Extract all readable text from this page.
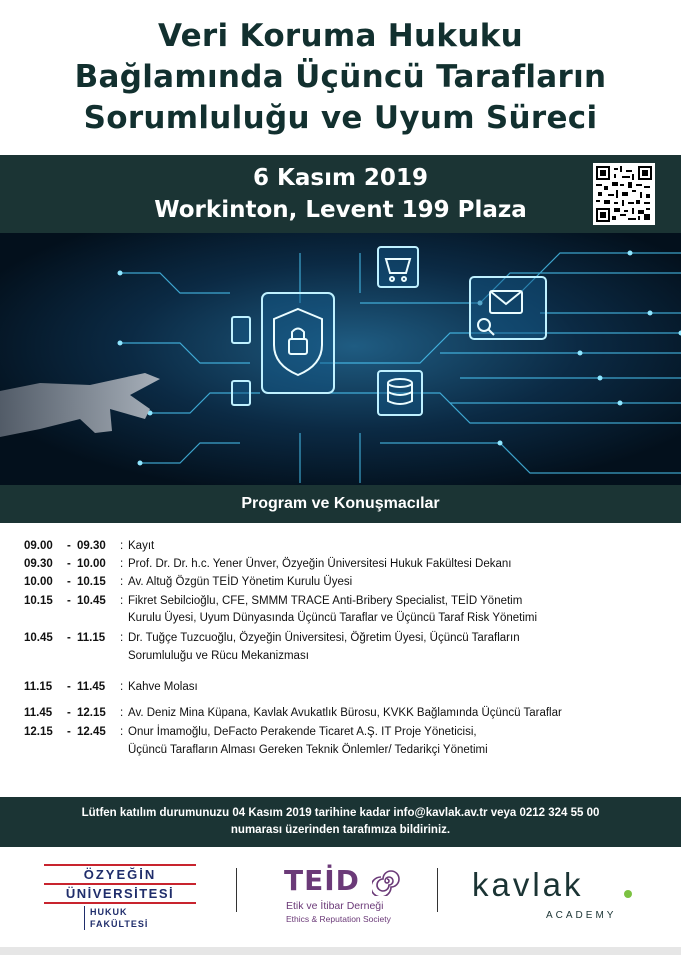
Veri Koruma Hukuku
Bağlamında Üçüncü Tarafların
Sorumluluğu ve Uyum Süreci
6 Kasım 2019
Workinton, Levent 199 Plaza
Program ve Konuşmacılar
09.00	- 09.30	: Kayıt
09.30	- 10.00	: Prof. Dr. Dr. h.c. Yener Ünver, Özyeğin Üniversitesi Hukuk Fakültesi Dekanı
10.00	- 10.15	: Av. Altuğ Özgün TEİD Yönetim Kurulu Üyesi
10.15	- 10.45	: Fikret Sebilcioğlu, CFE, SMMM TRACE Anti-Bribery Specialist, TEİD Yönetim
Kurulu Üyesi, Uyum Dünyasında Üçüncü Taraflar ve Üçüncü Taraf Risk Yönetimi
10.45	- 11.15	: Dr. Tuğçe Tuzcuoğlu, Özyeğin Üniversitesi, Öğretim Üyesi, Üçüncü Tarafların
Sorumluluğu ve Rücu Mekanizması
11.15	- 11.45	: Kahve Molası
11.45	- 12.15	: Av. Deniz Mina Küpana, Kavlak Avukatlık Bürosu, KVKK Bağlamında Üçüncü Taraflar
12.15	- 12.45	: Onur İmamoğlu, DeFacto Perakende Ticaret A.Ş. IT Proje Yöneticisi,
Üçüncü Tarafların Alması Gereken Teknik Önlemler/ Tedarikçi Yönetimi
Lütfen katılım durumunuzu 04 Kasım 2019 tarihine kadar info@kavlak.av.tr veya 0212 324 55 00
numarası üzerinden tarafımıza bildiriniz.
ÖZYEĞİN
ÜNİVERSİTESİ
HUKUK
FAKÜLTESİ
TEİD
Etik ve İtibar Derneği
Ethics & Reputation Society
kavlak
ACADEMY
